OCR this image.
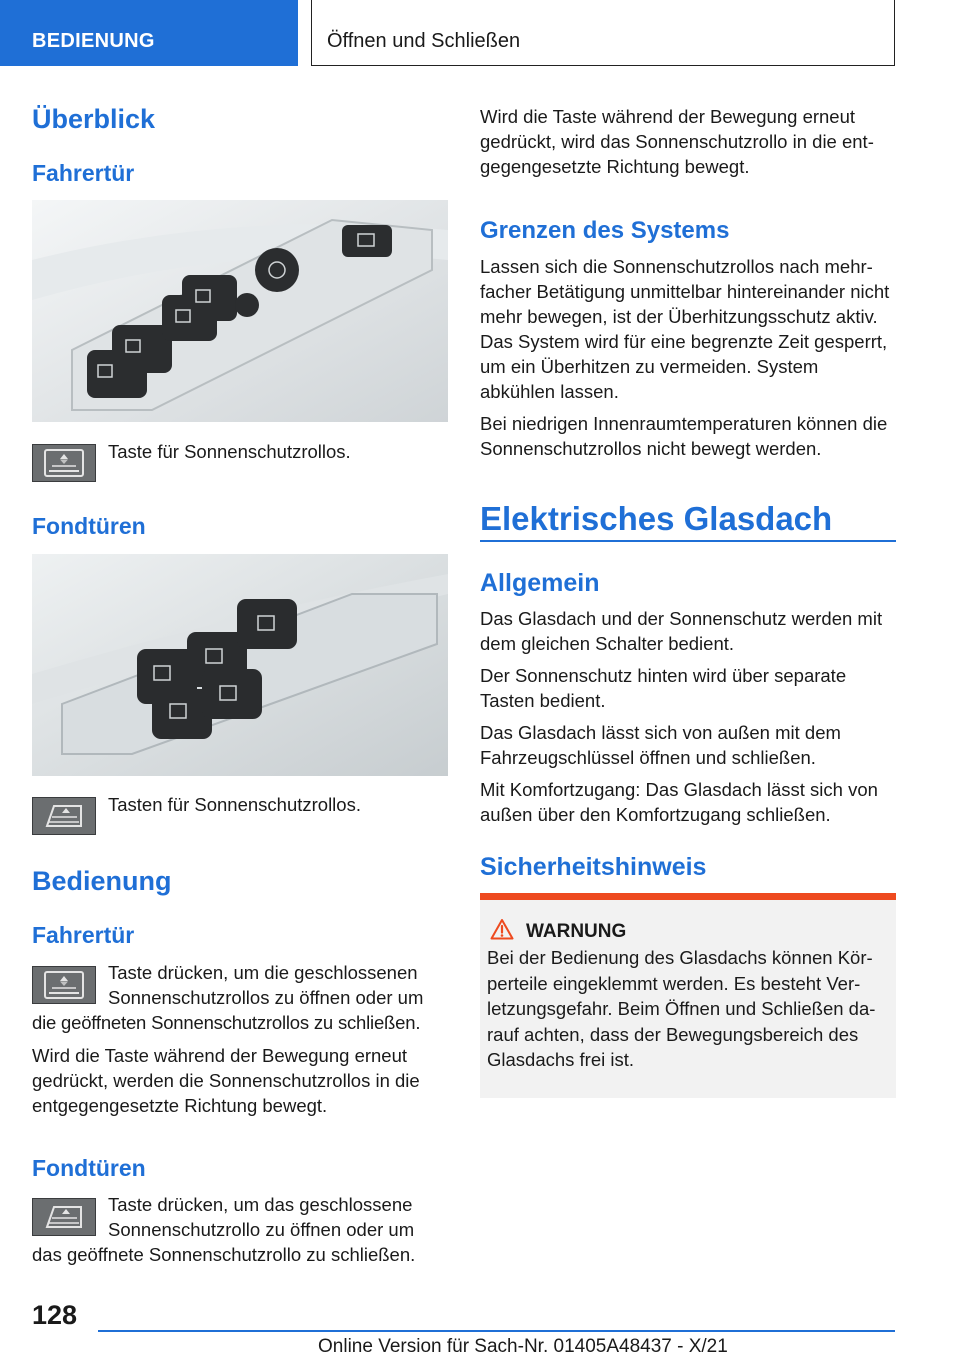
BEDIENUNG	Öffnen und Schließen
Überblick
Fahrertür
Taste für Sonnenschutzrollos.
Fondtüren
Tasten für Sonnenschutzrollos.
Bedienung
Fahrertür
Taste drücken, um die geschlossenen
Sonnenschutzrollos zu öffnen oder um
die geöffneten Sonnenschutzrollos zu schließen.
Wird die Taste während der Bewegung erneut gedrückt, werden die Sonnenschutzrollos in die entgegengesetzte Richtung bewegt.
Fondtüren
Taste drücken, um das geschlossene
Sonnenschutzrollo zu öffnen oder um
das geöffnete Sonnenschutzrollo zu schließen.
Wird die Taste während der Bewegung erneut gedrückt, wird das Sonnenschutzrollo in die entgegengesetzte Richtung bewegt.
Grenzen des Systems
Lassen sich die Sonnenschutzrollos nach mehrfacher Betätigung unmittelbar hintereinander nicht mehr bewegen, ist der Überhitzungsschutz aktiv. Das System wird für eine begrenzte Zeit gesperrt, um ein Überhitzen zu vermeiden. System abkühlen lassen.
Bei niedrigen Innenraumtemperaturen können die Sonnenschutzrollos nicht bewegt werden.
Elektrisches Glasdach
Allgemein
Das Glasdach und der Sonnenschutz werden mit dem gleichen Schalter bedient.
Der Sonnenschutz hinten wird über separate Tasten bedient.
Das Glasdach lässt sich von außen mit dem Fahrzeugschlüssel öffnen und schließen.
Mit Komfortzugang: Das Glasdach lässt sich von außen über den Komfortzugang schließen.
Sicherheitshinweis
WARNUNG
Bei der Bedienung des Glasdachs können Körperteile eingeklemmt werden. Es besteht Verletzungsgefahr. Beim Öffnen und Schließen darauf achten, dass der Bewegungsbereich des Glasdachs frei ist.
128
Online Version für Sach-Nr. 01405A48437 - X/21
